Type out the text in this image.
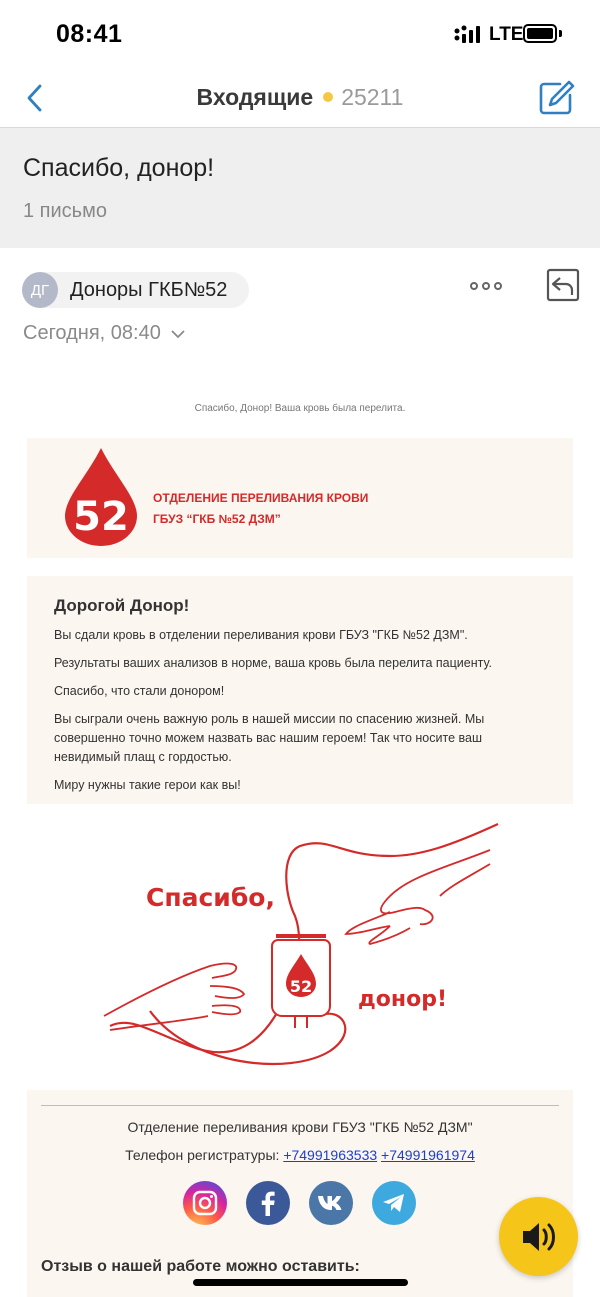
08:41	LTE
Входящие 25211
Спасибо, донор!
1 письмо
ДГ	Доноры ГКБ№52
Сегодня, 08:40
Спасибо, Донор! Ваша кровь была перелита.
52 ОТДЕЛЕНИЕ ПЕРЕЛИВАНИЯ КРОВИ
ГБУЗ “ГКБ №52 ДЗМ”
Дорогой Донор!

Вы сдали кровь в отделении переливания крови ГБУЗ "ГКБ №52 ДЗМ".

Результаты ваших анализов в норме, ваша кровь была перелита пациенту.

Спасибо, что стали донором!

Вы сыграли очень важную роль в нашей миссии по спасению жизней. Мы совершенно точно можем назвать вас нашим героем! Так что носите ваш невидимый плащ с гордостью.

Миру нужны такие герои как вы!

52
Спасибо,
донор!
Отделение переливания крови ГБУЗ "ГКБ №52 ДЗМ"
Телефон регистратуры: +74991963533 +74991961974
Отзыв о нашей работе можно оставить:
